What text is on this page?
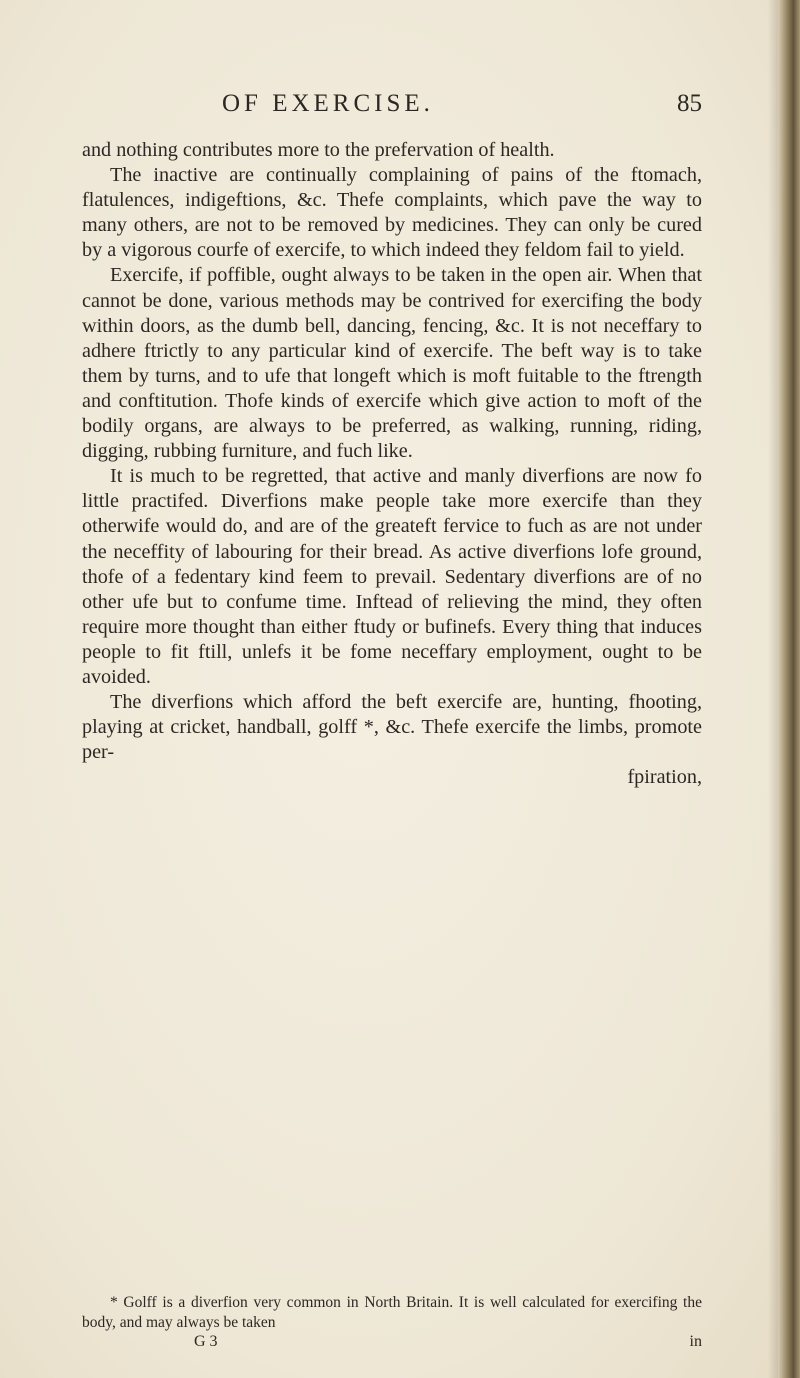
OF EXERCISE.	85

and nothing contributes more to the prefervation of health.

The inactive are continually complaining of pains of the ftomach, flatulences, indigeftions, &c. Thefe complaints, which pave the way to many others, are not to be removed by medicines. They can only be cured by a vigorous courfe of exercife, to which indeed they feldom fail to yield.

Exercife, if poffible, ought always to be taken in the open air. When that cannot be done, various methods may be contrived for exercifing the body within doors, as the dumb bell, dancing, fencing, &c. It is not neceffary to adhere ftrictly to any particular kind of exercife. The beft way is to take them by turns, and to ufe that longeft which is moft fuitable to the ftrength and conftitution. Thofe kinds of exercife which give action to moft of the bodily organs, are always to be preferred, as walking, running, riding, digging, rubbing furniture, and fuch like.

It is much to be regretted, that active and manly diverfions are now fo little practifed. Diverfions make people take more exercife than they otherwife would do, and are of the greateft fervice to fuch as are not under the neceffity of labouring for their bread. As active diverfions lofe ground, thofe of a fedentary kind feem to prevail. Sedentary diverfions are of no other ufe but to confume time. Inftead of relieving the mind, they often require more thought than either ftudy or bufinefs. Every thing that induces people to fit ftill, unlefs it be fome neceffary employment, ought to be avoided.

The diverfions which afford the beft exercife are, hunting, fhooting, playing at cricket, handball, golff *, &c. Thefe exercife the limbs, promote per-

fpiration,

* Golff is a diverfion very common in North Britain. It is well calculated for exercifing the body, and may always be taken
G 3	in
